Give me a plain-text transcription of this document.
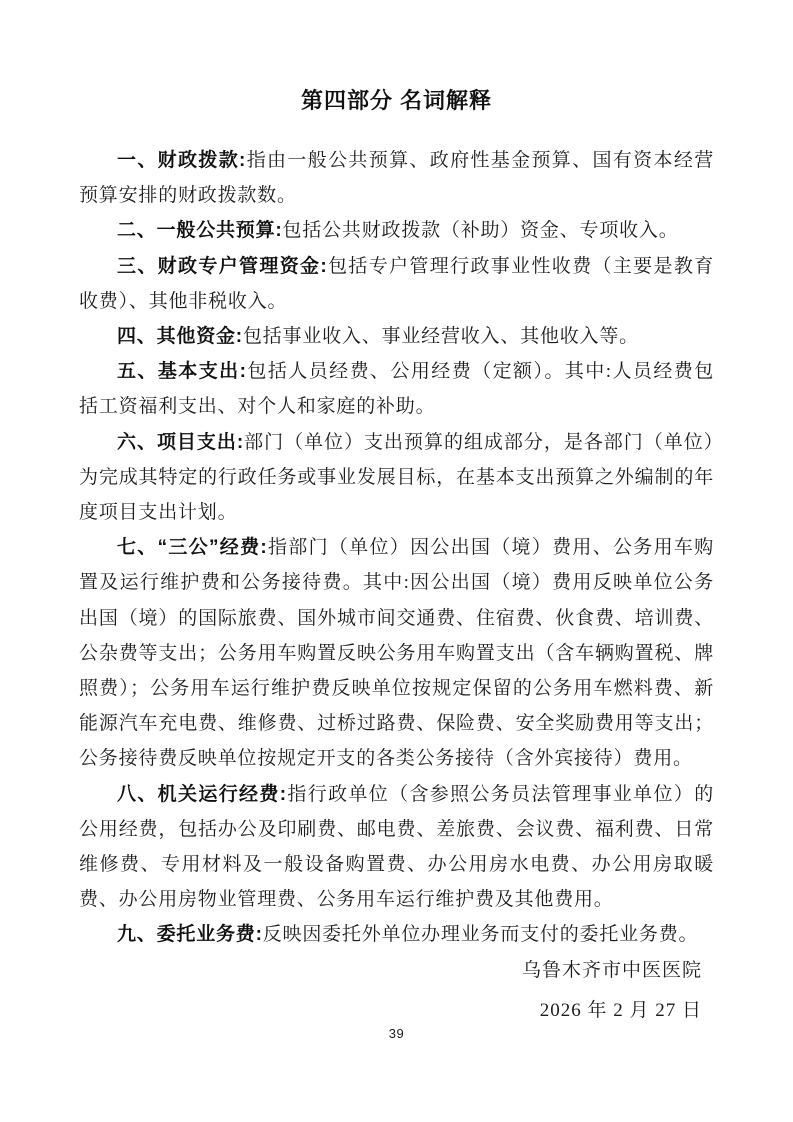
第四部分 名词解释

一、财政拨款:指由一般公共预算、政府性基金预算、国有资本经营预算安排的财政拨款数。

二、一般公共预算:包括公共财政拨款（补助）资金、专项收入。

三、财政专户管理资金:包括专户管理行政事业性收费（主要是教育收费）、其他非税收入。

四、其他资金:包括事业收入、事业经营收入、其他收入等。

五、基本支出:包括人员经费、公用经费（定额）。其中:人员经费包括工资福利支出、对个人和家庭的补助。

六、项目支出:部门（单位）支出预算的组成部分，是各部门（单位）为完成其特定的行政任务或事业发展目标，在基本支出预算之外编制的年度项目支出计划。

七、“三公”经费:指部门（单位）因公出国（境）费用、公务用车购置及运行维护费和公务接待费。其中:因公出国（境）费用反映单位公务出国（境）的国际旅费、国外城市间交通费、住宿费、伙食费、培训费、公杂费等支出；公务用车购置反映公务用车购置支出（含车辆购置税、牌照费）；公务用车运行维护费反映单位按规定保留的公务用车燃料费、新能源汽车充电费、维修费、过桥过路费、保险费、安全奖励费用等支出；公务接待费反映单位按规定开支的各类公务接待（含外宾接待）费用。

八、机关运行经费:指行政单位（含参照公务员法管理事业单位）的公用经费，包括办公及印刷费、邮电费、差旅费、会议费、福利费、日常维修费、专用材料及一般设备购置费、办公用房水电费、办公用房取暖费、办公用房物业管理费、公务用车运行维护费及其他费用。

九、委托业务费:反映因委托外单位办理业务而支付的委托业务费。

乌鲁木齐市中医医院

2026 年 2 月 27 日

39
